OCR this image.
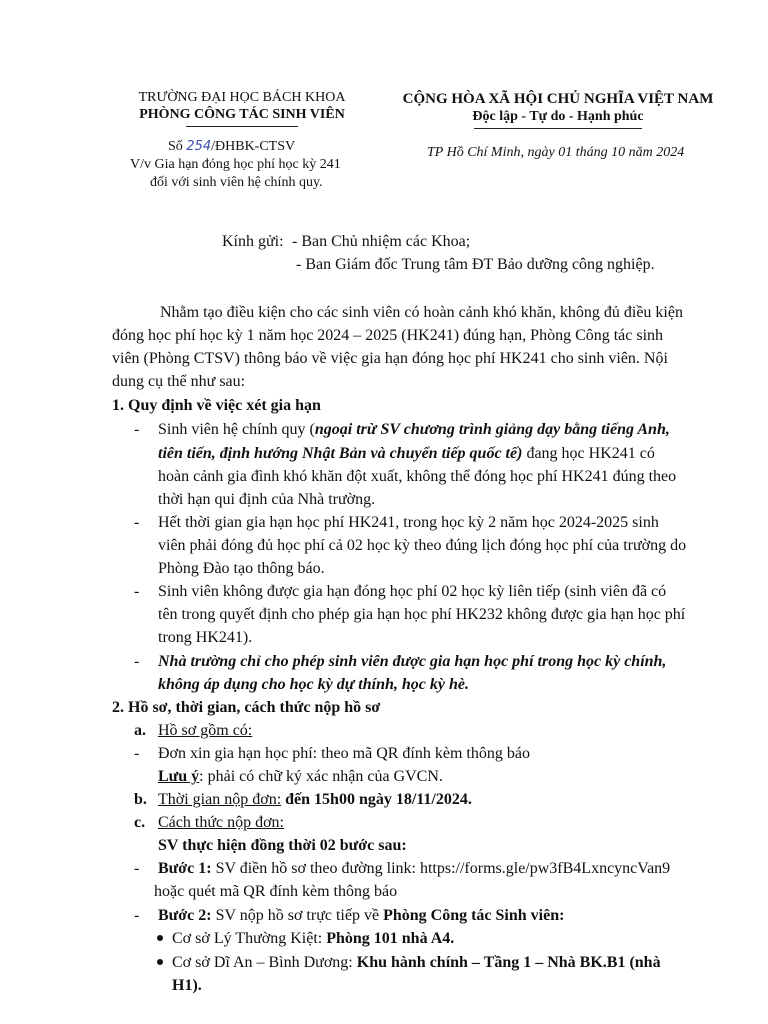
TRƯỜNG ĐẠI HỌC BÁCH KHOA
PHÒNG CÔNG TÁC SINH VIÊN
CỘNG HÒA XÃ HỘI CHỦ NGHĨA VIỆT NAM
Độc lập - Tự do - Hạnh phúc
Số 254/ĐHBK-CTSV
V/v Gia hạn đóng học phí học kỳ 241
đối với sinh viên hệ chính quy.
TP Hồ Chí Minh, ngày 01 tháng 10 năm 2024
Kính gửi: - Ban Chủ nhiệm các Khoa;
- Ban Giám đốc Trung tâm ĐT Bảo dưỡng công nghiệp.
Nhằm tạo điều kiện cho các sinh viên có hoàn cảnh khó khăn, không đủ điều kiện
đóng học phí học kỳ 1 năm học 2024 – 2025 (HK241) đúng hạn, Phòng Công tác sinh
viên (Phòng CTSV) thông báo về việc gia hạn đóng học phí HK241 cho sinh viên. Nội
dung cụ thể như sau:
1. Quy định về việc xét gia hạn
- Sinh viên hệ chính quy (ngoại trừ SV chương trình giảng dạy bằng tiếng Anh,
tiên tiến, định hướng Nhật Bản và chuyển tiếp quốc tế) đang học HK241 có
hoàn cảnh gia đình khó khăn đột xuất, không thể đóng học phí HK241 đúng theo
thời hạn qui định của Nhà trường.
- Hết thời gian gia hạn học phí HK241, trong học kỳ 2 năm học 2024-2025 sinh
viên phải đóng đủ học phí cả 02 học kỳ theo đúng lịch đóng học phí của trường do
Phòng Đào tạo thông báo.
- Sinh viên không được gia hạn đóng học phí 02 học kỳ liên tiếp (sinh viên đã có
tên trong quyết định cho phép gia hạn học phí HK232 không được gia hạn học phí
trong HK241).
- Nhà trường chỉ cho phép sinh viên được gia hạn học phí trong học kỳ chính,
không áp dụng cho học kỳ dự thính, học kỳ hè.
2. Hồ sơ, thời gian, cách thức nộp hồ sơ
a. Hồ sơ gồm có:
- Đơn xin gia hạn học phí: theo mã QR đính kèm thông báo
Lưu ý: phải có chữ ký xác nhận của GVCN.
b. Thời gian nộp đơn: đến 15h00 ngày 18/11/2024.
c. Cách thức nộp đơn:
SV thực hiện đồng thời 02 bước sau:
- Bước 1: SV điền hồ sơ theo đường link: https://forms.gle/pw3fB4LxncyncVan9
hoặc quét mã QR đính kèm thông báo
- Bước 2: SV nộp hồ sơ trực tiếp về Phòng Công tác Sinh viên:
Cơ sở Lý Thường Kiệt: Phòng 101 nhà A4.
Cơ sở Dĩ An – Bình Dương: Khu hành chính – Tầng 1 – Nhà BK.B1 (nhà
H1).
